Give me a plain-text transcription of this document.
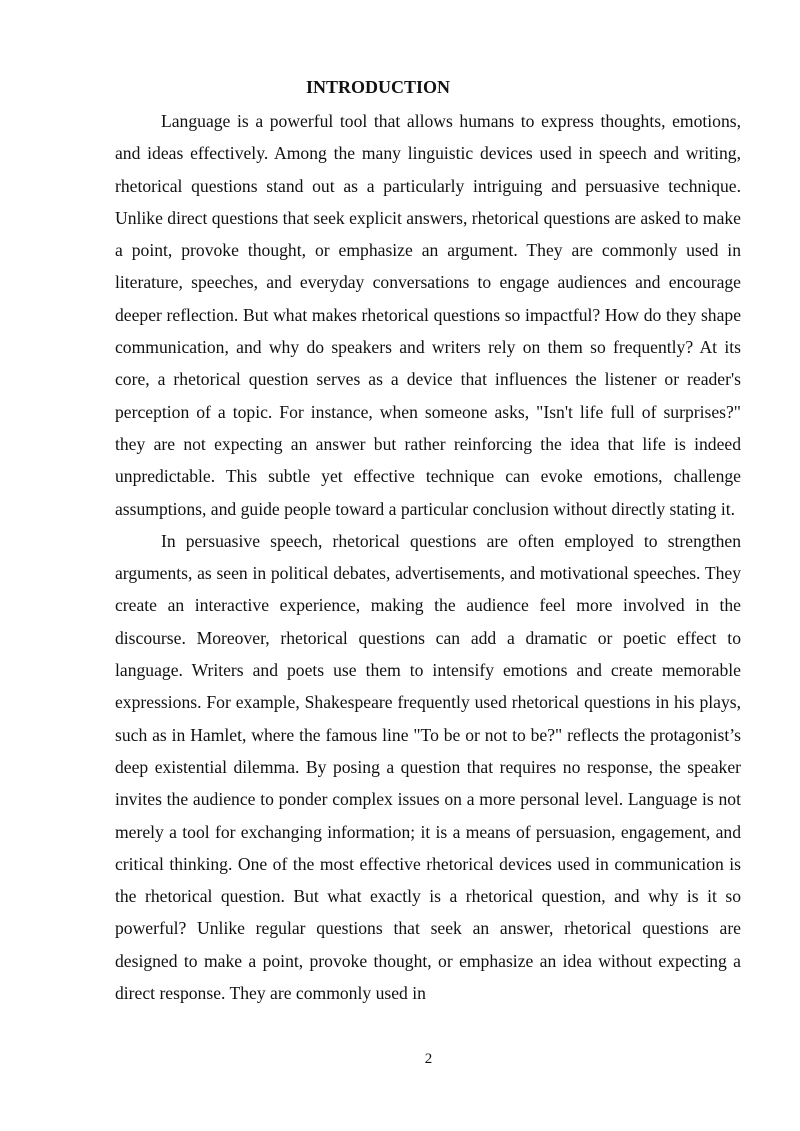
INTRODUCTION

Language is a powerful tool that allows humans to express thoughts, emotions, and ideas effectively. Among the many linguistic devices used in speech and writing, rhetorical questions stand out as a particularly intriguing and persuasive technique. Unlike direct questions that seek explicit answers, rhetorical questions are asked to make a point, provoke thought, or emphasize an argument. They are commonly used in literature, speeches, and everyday conversations to engage audiences and encourage deeper reflection. But what makes rhetorical questions so impactful? How do they shape communication, and why do speakers and writers rely on them so frequently? At its core, a rhetorical question serves as a device that influences the listener or reader's perception of a topic. For instance, when someone asks, "Isn't life full of surprises?" they are not expecting an answer but rather reinforcing the idea that life is indeed unpredictable. This subtle yet effective technique can evoke emotions, challenge assumptions, and guide people toward a particular conclusion without directly stating it.

In persuasive speech, rhetorical questions are often employed to strengthen arguments, as seen in political debates, advertisements, and motivational speeches. They create an interactive experience, making the audience feel more involved in the discourse. Moreover, rhetorical questions can add a dramatic or poetic effect to language. Writers and poets use them to intensify emotions and create memorable expressions. For example, Shakespeare frequently used rhetorical questions in his plays, such as in Hamlet, where the famous line "To be or not to be?" reflects the protagonist’s deep existential dilemma. By posing a question that requires no response, the speaker invites the audience to ponder complex issues on a more personal level. Language is not merely a tool for exchanging information; it is a means of persuasion, engagement, and critical thinking. One of the most effective rhetorical devices used in communication is the rhetorical question. But what exactly is a rhetorical question, and why is it so powerful? Unlike regular questions that seek an answer, rhetorical questions are designed to make a point, provoke thought, or emphasize an idea without expecting a direct response. They are commonly used in

2
